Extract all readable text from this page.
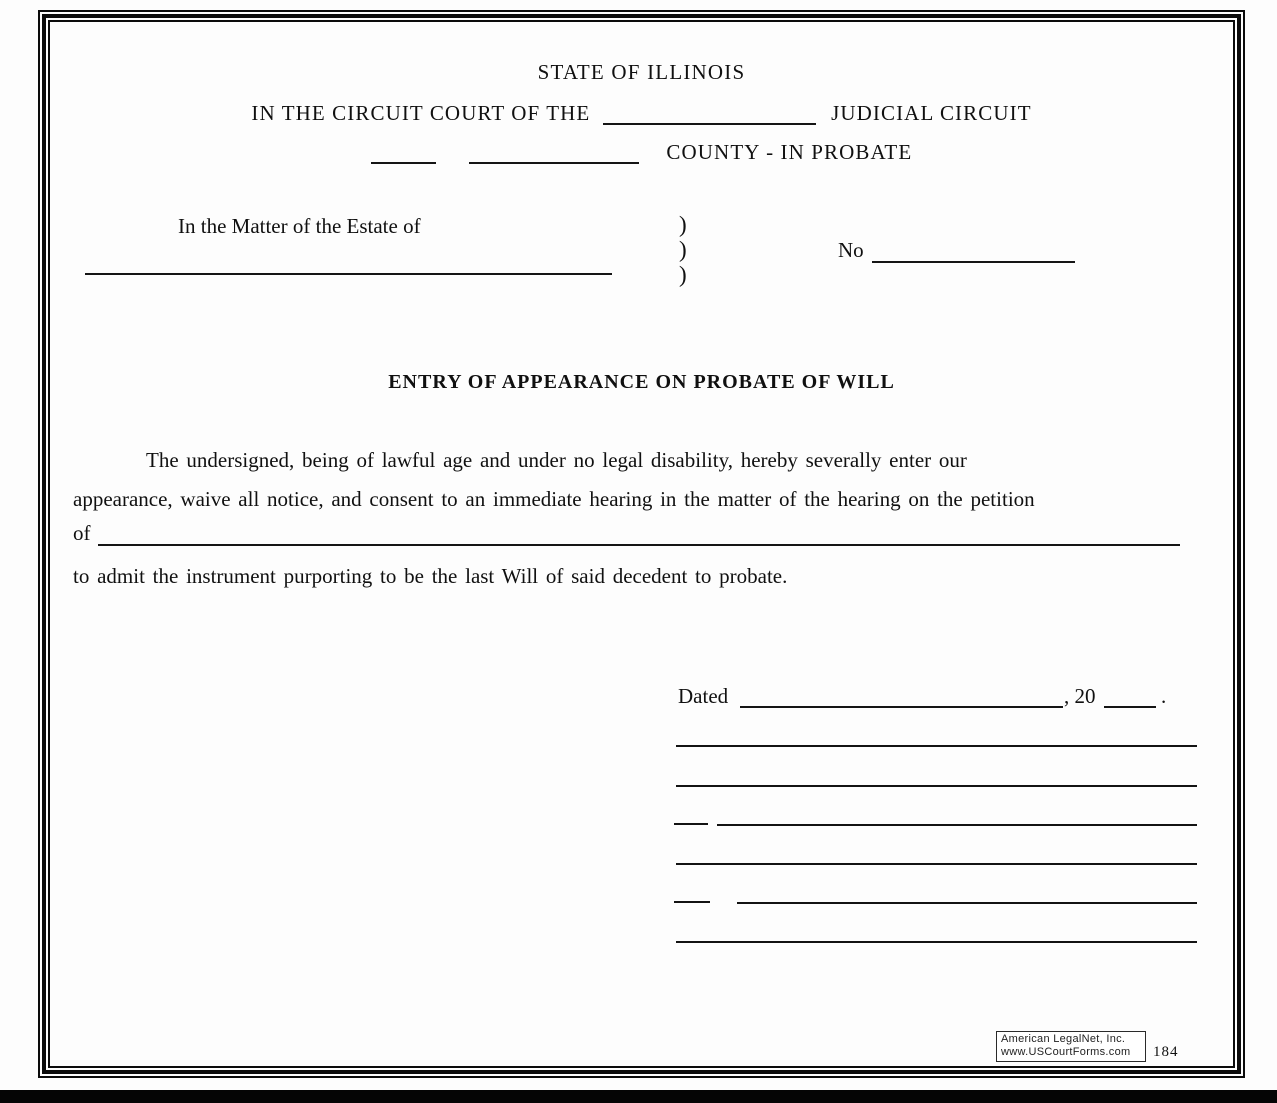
STATE OF ILLINOIS
IN THE CIRCUIT COURT OF THE	JUDICIAL CIRCUIT
COUNTY - IN PROBATE
In the Matter of the Estate of	)
)
)
No
ENTRY OF APPEARANCE ON PROBATE OF WILL
The undersigned, being of lawful age and under no legal disability, hereby severally enter our
appearance, waive all notice, and consent to an immediate hearing in the matter of the hearing on the petition
of
to admit the instrument purporting to be the last Will of said decedent to probate.
Dated	, 20	.
American LegalNet, Inc.
www.USCourtForms.com	184
